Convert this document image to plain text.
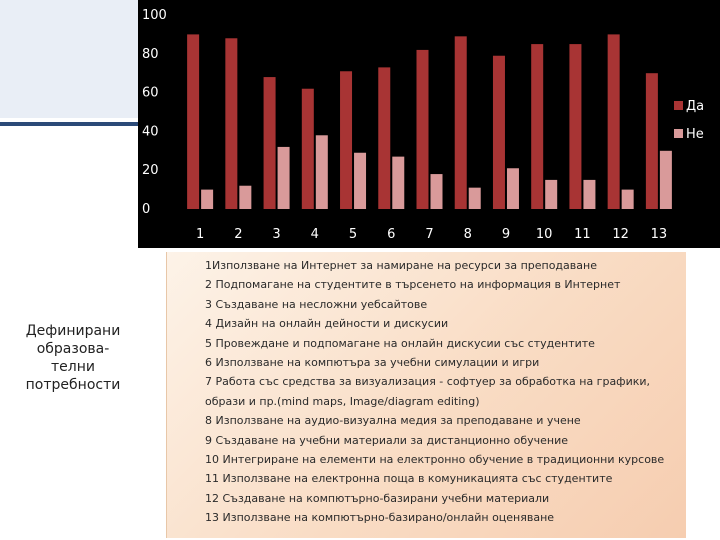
Дефинирани
образова-
телни
потребности
0
20
40
60
80
100
1 2 3 4 5 6 7 8 9 10 11 12 13
Да
Не
1Използване на Интернет за намиране на ресурси за преподаване
2 Подпомагане на студентите в търсенето на информация в Интернет
3 Създаване на несложни уебсайтове
4 Дизайн на онлайн дейности и дискусии
5 Провеждане и подпомагане на онлайн дискусии със студентите
6 Използване на компютъра за учебни симулации и игри
7 Работа със средства за визуализация - софтуер за обработка на графики,
образи и пр.(mind maps, Image/diagram editing)
8 Използване на аудио-визуална медия за преподаване и учене
9 Създаване на учебни материали за дистанционно обучение
10 Интегриране на елементи на електронно обучение в традиционни курсове
11 Използване на електронна поща в комуникацията със студентите
12 Създаване на компютърно-базирани учебни материали
13 Използване на компютърно-базирано/онлайн оценяване
